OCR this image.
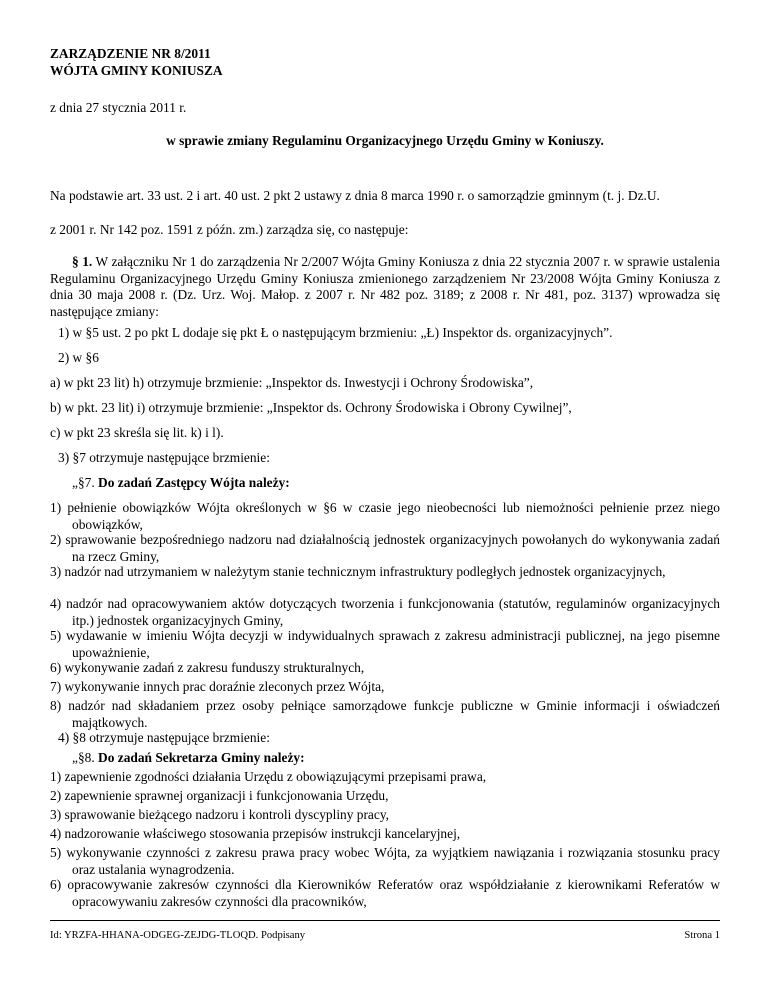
ZARZĄDZENIE NR 8/2011
WÓJTA GMINY KONIUSZA
z dnia 27 stycznia 2011 r.
w sprawie zmiany Regulaminu Organizacyjnego Urzędu Gminy w Koniuszy.
Na podstawie art. 33 ust. 2 i art. 40 ust. 2 pkt 2 ustawy z dnia 8 marca 1990 r. o samorządzie gminnym (t. j. Dz.U.
z 2001 r. Nr 142 poz. 1591 z późn. zm.) zarządza się, co następuje:
§ 1. W załączniku Nr 1 do zarządzenia Nr 2/2007 Wójta Gminy Koniusza z dnia 22 stycznia 2007 r. w sprawie ustalenia Regulaminu Organizacyjnego Urzędu Gminy Koniusza zmienionego zarządzeniem Nr 23/2008 Wójta Gminy Koniusza z dnia 30 maja 2008 r. (Dz. Urz. Woj. Małop. z 2007 r. Nr 482 poz. 3189; z 2008 r. Nr 481, poz. 3137) wprowadza się następujące zmiany:
1) w §5 ust. 2 po pkt L dodaje się pkt Ł o następującym brzmieniu: „Ł) Inspektor ds. organizacyjnych”.
2) w §6
a) w pkt 23 lit) h) otrzymuje brzmienie: „Inspektor ds. Inwestycji i Ochrony Środowiska”,
b) w pkt. 23 lit) i) otrzymuje brzmienie: „Inspektor ds. Ochrony Środowiska i Obrony Cywilnej”,
c) w pkt 23 skreśla się lit. k) i l).
3) §7 otrzymuje następujące brzmienie:
„§7. Do zadań Zastępcy Wójta należy:
1) pełnienie obowiązków Wójta określonych w §6 w czasie jego nieobecności lub niemożności pełnienie przez niego obowiązków,
2) sprawowanie bezpośredniego nadzoru nad działalnością jednostek organizacyjnych powołanych do wykonywania zadań na rzecz Gminy,
3) nadzór nad utrzymaniem w należytym stanie technicznym infrastruktury podległych jednostek organizacyjnych,
4) nadzór nad opracowywaniem aktów dotyczących tworzenia i funkcjonowania (statutów, regulaminów organizacyjnych itp.) jednostek organizacyjnych Gminy,
5) wydawanie w imieniu Wójta decyzji w indywidualnych sprawach z zakresu administracji publicznej, na jego pisemne upoważnienie,
6) wykonywanie zadań z zakresu funduszy strukturalnych,
7) wykonywanie innych prac doraźnie zleconych przez Wójta,
8) nadzór nad składaniem przez osoby pełniące samorządowe funkcje publiczne w Gminie informacji i oświadczeń majątkowych.
4) §8 otrzymuje następujące brzmienie:
„§8. Do zadań Sekretarza Gminy należy:
1) zapewnienie zgodności działania Urzędu z obowiązującymi przepisami prawa,
2) zapewnienie sprawnej organizacji i funkcjonowania Urzędu,
3) sprawowanie bieżącego nadzoru i kontroli dyscypliny pracy,
4) nadzorowanie właściwego stosowania przepisów instrukcji kancelaryjnej,
5) wykonywanie czynności z zakresu prawa pracy wobec Wójta, za wyjątkiem nawiązania i rozwiązania stosunku pracy oraz ustalania wynagrodzenia.
6) opracowywanie zakresów czynności dla Kierowników Referatów oraz współdziałanie z kierownikami Referatów w opracowywaniu zakresów czynności dla pracowników,
Id: YRZFA-HHANA-ODGEG-ZEJDG-TLOQD. Podpisany	Strona 1
